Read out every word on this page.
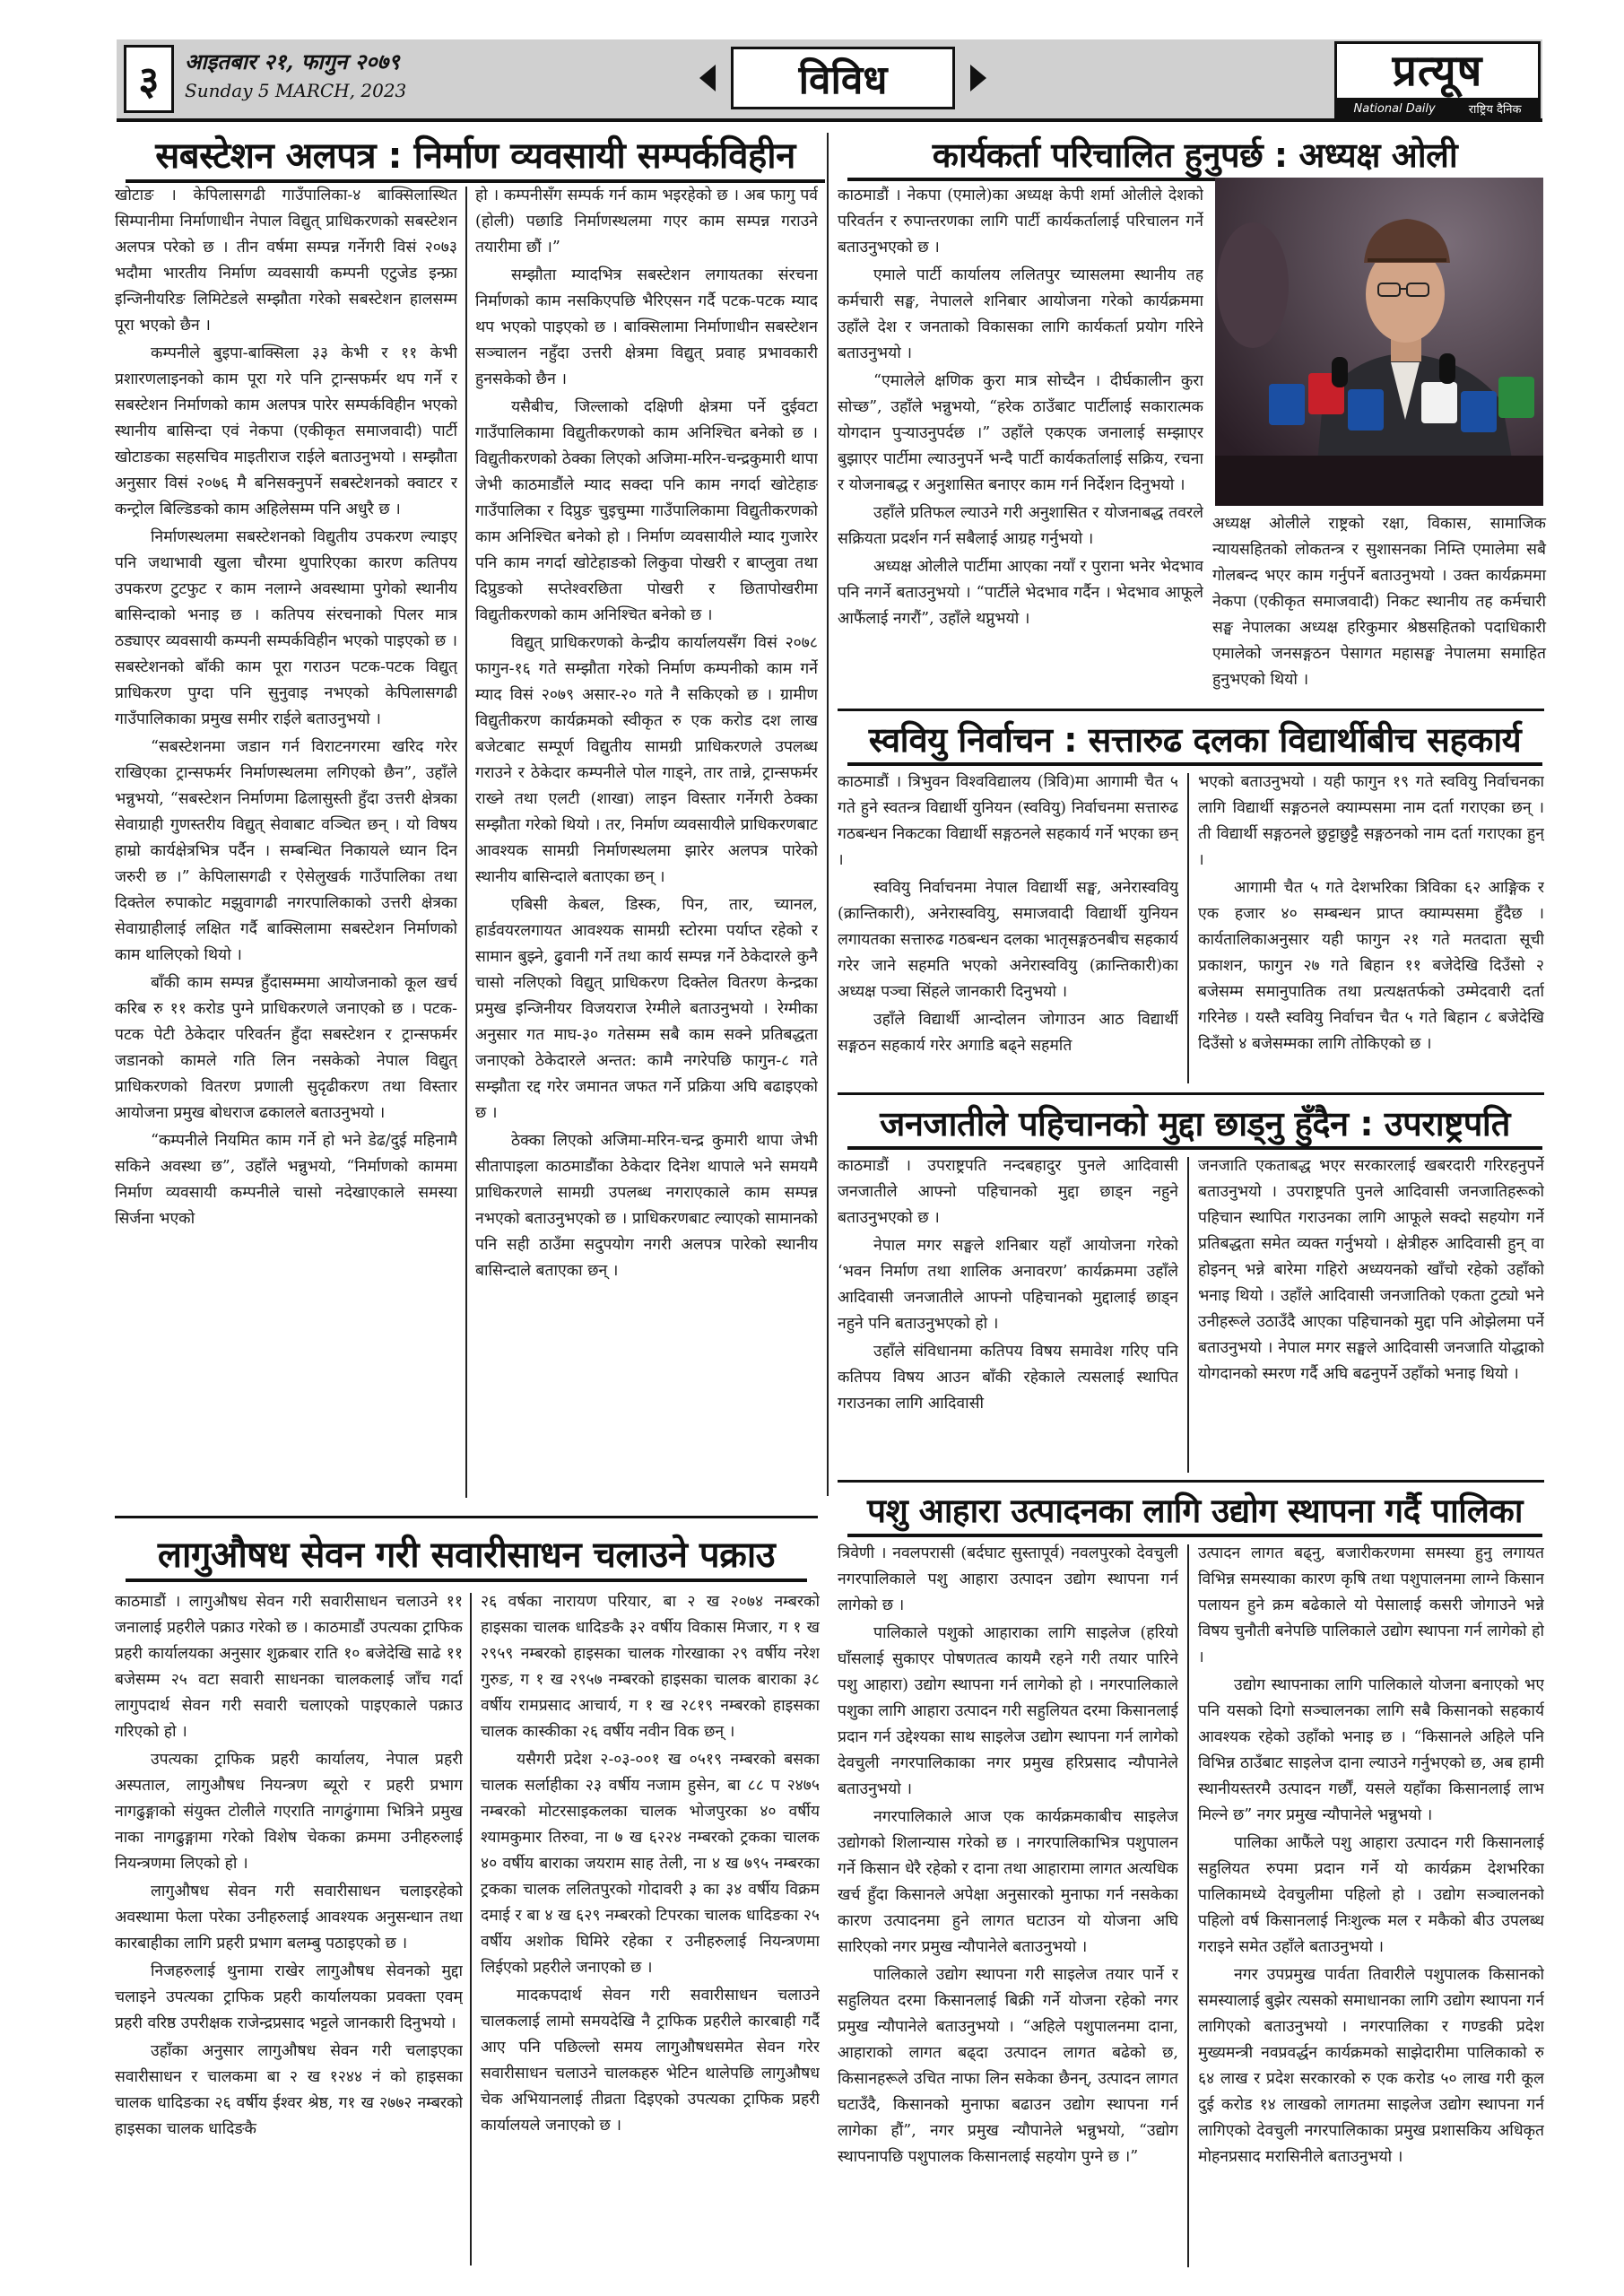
३	आइतबार २१, फागुन २०७९
Sunday 5 MARCH, 2023	विविध	प्रत्यूष
National Daily	राष्ट्रिय दैनिक
सबस्टेशन अलपत्र : निर्माण व्यवसायी सम्पर्कविहीन

खोटाङ । केपिलासगढी गाउँपालिका-४ बाक्सिलास्थित सिम्पानीमा निर्माणाधीन नेपाल विद्युत् प्राधिकरणको सबस्टेशन अलपत्र परेको छ । तीन वर्षमा सम्पन्न गर्नेगरी विसं २०७३ भदौमा भारतीय निर्माण व्यवसायी कम्पनी एटुजेड इन्फ्रा इन्जिनीयरिङ लिमिटेडले सम्झौता गरेको सबस्टेशन हालसम्म पूरा भएको छैन ।

कम्पनीले बुइपा-बाक्सिला ३३ केभी र ११ केभी प्रशारणलाइनको काम पूरा गरे पनि ट्रान्सफर्मर थप गर्ने र सबस्टेशन निर्माणको काम अलपत्र पारेर सम्पर्कविहीन भएको स्थानीय बासिन्दा एवं नेकपा (एकीकृत समाजवादी) पार्टी खोटाङका सहसचिव माइतीराज राईले बताउनुभयो । सम्झौता अनुसार विसं २०७६ मै बनिसक्नुपर्ने सबस्टेशनको क्वाटर र कन्ट्रोल बिल्डिङको काम अहिलेसम्म पनि अधुरै छ ।

निर्माणस्थलमा सबस्टेशनको विद्युतीय उपकरण ल्याइए पनि जथाभावी खुला चौरमा थुपारिएका कारण कतिपय उपकरण टुटफुट र काम नलाग्ने अवस्थामा पुगेको स्थानीय बासिन्दाको भनाइ छ । कतिपय संरचनाको पिलर मात्र ठड्याएर व्यवसायी कम्पनी सम्पर्कविहीन भएको पाइएको छ । सबस्टेशनको बाँकी काम पूरा गराउन पटक-पटक विद्युत् प्राधिकरण पुग्दा पनि सुनुवाइ नभएको केपिलासगढी गाउँपालिकाका प्रमुख समीर राईले बताउनुभयो ।

“सबस्टेशनमा जडान गर्न विराटनगरमा खरिद गरेर राखिएका ट्रान्सफर्मर निर्माणस्थलमा लगिएको छैन”, उहाँले भन्नुभयो, “सबस्टेशन निर्माणमा ढिलासुस्ती हुँदा उत्तरी क्षेत्रका सेवाग्राही गुणस्तरीय विद्युत् सेवाबाट वञ्चित छन् । यो विषय हाम्रो कार्यक्षेत्रभित्र पर्दैन । सम्बन्धित निकायले ध्यान दिन जरुरी छ ।” केपिलासगढी र ऐसेलुखर्क गाउँपालिका तथा दिक्तेल रुपाकोट मझुवागढी नगरपालिकाको उत्तरी क्षेत्रका सेवाग्राहीलाई लक्षित गर्दै बाक्सिलामा सबस्टेशन निर्माणको काम थालिएको थियो ।

बाँकी काम सम्पन्न हुँदासम्ममा आयोजनाको कूल खर्च करिब रु ११ करोड पुग्ने प्राधिकरणले जनाएको छ । पटक-पटक पेटी ठेकेदार परिवर्तन हुँदा सबस्टेशन र ट्रान्सफर्मर जडानको कामले गति लिन नसकेको नेपाल विद्युत् प्राधिकरणको वितरण प्रणाली सुदृढीकरण तथा विस्तार आयोजना प्रमुख बोधराज ढकालले बताउनुभयो ।

“कम्पनीले नियमित काम गर्ने हो भने डेढ/दुई महिनामै सकिने अवस्था छ”, उहाँले भन्नुभयो, “निर्माणको काममा निर्माण व्यवसायी कम्पनीले चासो नदेखाएकाले समस्या सिर्जना भएको

हो । कम्पनीसँग सम्पर्क गर्न काम भइरहेको छ । अब फागु पर्व (होली) पछाडि निर्माणस्थलमा गएर काम सम्पन्न गराउने तयारीमा छौं ।”

सम्झौता म्यादभित्र सबस्टेशन लगायतका संरचना निर्माणको काम नसकिएपछि भैरिएसन गर्दै पटक-पटक म्याद थप भएको पाइएको छ । बाक्सिलामा निर्माणाधीन सबस्टेशन सञ्चालन नहुँदा उत्तरी क्षेत्रमा विद्युत् प्रवाह प्रभावकारी हुनसकेको छैन ।

यसैबीच, जिल्लाको दक्षिणी क्षेत्रमा पर्ने दुईवटा गाउँपालिकामा विद्युतीकरणको काम अनिश्चित बनेको छ । विद्युतीकरणको ठेक्का लिएको अजिमा-मरिन-चन्द्रकुमारी थापा जेभी काठमाडौंले म्याद सक्दा पनि काम नगर्दा खोटेहाङ गाउँपालिका र दिप्रुङ चुइचुम्मा गाउँपालिकामा विद्युतीकरणको काम अनिश्चित बनेको हो । निर्माण व्यवसायीले म्याद गुजारेर पनि काम नगर्दा खोटेहाङको लिकुवा पोखरी र बाप्लुवा तथा दिप्रुङको सप्तेश्वरछिता पोखरी र छितापोखरीमा विद्युतीकरणको काम अनिश्चित बनेको छ ।

विद्युत् प्राधिकरणको केन्द्रीय कार्यालयसँग विसं २०७८ फागुन-१६ गते सम्झौता गरेको निर्माण कम्पनीको काम गर्ने म्याद विसं २०७९ असार-२० गते नै सकिएको छ । ग्रामीण विद्युतीकरण कार्यक्रमको स्वीकृत रु एक करोड दश लाख बजेटबाट सम्पूर्ण विद्युतीय सामग्री प्राधिकरणले उपलब्ध गराउने र ठेकेदार कम्पनीले पोल गाड्ने, तार तान्ने, ट्रान्सफर्मर राख्ने तथा एलटी (शाखा) लाइन विस्तार गर्नेगरी ठेक्का सम्झौता गरेको थियो । तर, निर्माण व्यवसायीले प्राधिकरणबाट आवश्यक सामग्री निर्माणस्थलमा झारेर अलपत्र पारेको स्थानीय बासिन्दाले बताएका छन् ।

एबिसी केबल, डिस्क, पिन, तार, च्यानल, हार्डवयरलगायत आवश्यक सामग्री स्टोरमा पर्याप्त रहेको र सामान बुझ्ने, ढुवानी गर्ने तथा कार्य सम्पन्न गर्ने ठेकेदारले कुनै चासो नलिएको विद्युत् प्राधिकरण दिक्तेल वितरण केन्द्रका प्रमुख इन्जिनीयर विजयराज रेग्मीले बताउनुभयो । रेग्मीका अनुसार गत माघ-३० गतेसम्म सबै काम सक्ने प्रतिबद्धता जनाएको ठेकेदारले अन्तत: कामै नगरेपछि फागुन-८ गते सम्झौता रद्द गरेर जमानत जफत गर्ने प्रक्रिया अघि बढाइएको छ ।

ठेक्का लिएको अजिमा-मरिन-चन्द्र कुमारी थापा जेभी सीतापाइला काठमाडौंका ठेकेदार दिनेश थापाले भने समयमै प्राधिकरणले सामग्री उपलब्ध नगराएकाले काम सम्पन्न नभएको बताउनुभएको छ । प्राधिकरणबाट ल्याएको सामानको पनि सही ठाउँमा सदुपयोग नगरी अलपत्र पारेको स्थानीय बासिन्दाले बताएका छन् ।

लागुऔषध सेवन गरी सवारीसाधन चलाउने पक्राउ

काठमाडौं । लागुऔषध सेवन गरी सवारीसाधन चलाउने ११ जनालाई प्रहरीले पक्राउ गरेको छ । काठमाडौं उपत्यका ट्राफिक प्रहरी कार्यालयका अनुसार शुक्रबार राति १० बजेदेखि साढे ११ बजेसम्म २५ वटा सवारी साधनका चालकलाई जाँच गर्दा लागुपदार्थ सेवन गरी सवारी चलाएको पाइएकाले पक्राउ गरिएको हो ।

उपत्यका ट्राफिक प्रहरी कार्यालय, नेपाल प्रहरी अस्पताल, लागुऔषध नियन्त्रण ब्यूरो र प्रहरी प्रभाग नागढुङ्गाको संयुक्त टोलीले गएराति नागढुंगामा भित्रिने प्रमुख नाका नागढुङ्गामा गरेको विशेष चेकका क्रममा उनीहरुलाई नियन्त्रणमा लिएको हो ।

लागुऔषध सेवन गरी सवारीसाधन चलाइरहेको अवस्थामा फेला परेका उनीहरुलाई आवश्यक अनुसन्धान तथा कारबाहीका लागि प्रहरी प्रभाग बलम्बु पठाइएको छ ।

निजहरुलाई थुनामा राखेर लागुऔषध सेवनको मुद्दा चलाइने उपत्यका ट्राफिक प्रहरी कार्यालयका प्रवक्ता एवम् प्रहरी वरिष्ठ उपरीक्षक राजेन्द्रप्रसाद भट्टले जानकारी दिनुभयो ।

उहाँका अनुसार लागुऔषध सेवन गरी चलाइएका सवारीसाधन र चालकमा बा २ ख १२४४ नं को हाइसका चालक धादिङका २६ वर्षीय ईश्वर श्रेष्ठ, ग१ ख २७७२ नम्बरको हाइसका चालक धादिङकै

२६ वर्षका नारायण परियार, बा २ ख २०७४ नम्बरको हाइसका चालक धादिङकै ३२ वर्षीय विकास मिजार, ग १ ख २९५९ नम्बरको हाइसका चालक गोरखाका २९ वर्षीय नरेश गुरुङ, ग १ ख २९५७ नम्बरको हाइसका चालक बाराका ३८ वर्षीय रामप्रसाद आचार्य, ग १ ख २८१९ नम्बरको हाइसका चालक कास्कीका २६ वर्षीय नवीन विक छन् ।

यसैगरी प्रदेश २-०३-००१ ख ०५१९ नम्बरको बसका चालक सर्लाहीका २३ वर्षीय नजाम हुसेन, बा ८८ प २४७५ नम्बरको मोटरसाइकलका चालक भोजपुरका ४० वर्षीय श्यामकुमार तिरुवा, ना ७ ख ६२२४ नम्बरको ट्रकका चालक ४० वर्षीय बाराका जयराम साह तेली, ना ४ ख ७९५ नम्बरका ट्रकका चालक ललितपुरको गोदावरी ३ का ३४ वर्षीय विक्रम दमाई र बा ४ ख ६२९ नम्बरको टिपरका चालक धादिङका २५ वर्षीय अशोक घिमिरे रहेका र उनीहरुलाई नियन्त्रणमा लिईएको प्रहरीले जनाएको छ ।

मादकपदार्थ सेवन गरी सवारीसाधन चलाउने चालकलाई लामो समयदेखि नै ट्राफिक प्रहरीले कारबाही गर्दै आए पनि पछिल्लो समय लागुऔषधसमेत सेवन गरेर सवारीसाधन चलाउने चालकहरु भेटिन थालेपछि लागुऔषध चेक अभियानलाई तीव्रता दिइएको उपत्यका ट्राफिक प्रहरी कार्यालयले जनाएको छ ।

कार्यकर्ता परिचालित हुनुपर्छ : अध्यक्ष ओली

काठमाडौं । नेकपा (एमाले)का अध्यक्ष केपी शर्मा ओलीले देशको परिवर्तन र रुपान्तरणका लागि पार्टी कार्यकर्तालाई परिचालन गर्ने बताउनुभएको छ ।

एमाले पार्टी कार्यालय ललितपुर च्यासलमा स्थानीय तह कर्मचारी सङ्घ, नेपालले शनिबार आयोजना गरेको कार्यक्रममा उहाँले देश र जनताको विकासका लागि कार्यकर्ता प्रयोग गरिने बताउनुभयो ।

“एमालेले क्षणिक कुरा मात्र सोच्दैन । दीर्घकालीन कुरा सोच्छ”, उहाँले भन्नुभयो, “हरेक ठाउँबाट पार्टीलाई सकारात्मक योगदान पुऱ्याउनुपर्दछ ।” उहाँले एकएक जनालाई सम्झाएर बुझाएर पार्टीमा ल्याउनुपर्ने भन्दै पार्टी कार्यकर्तालाई सक्रिय, रचना र योजनाबद्ध र अनुशासित बनाएर काम गर्न निर्देशन दिनुभयो ।

उहाँले प्रतिफल ल्याउने गरी अनुशासित र योजनाबद्ध तवरले सक्रियता प्रदर्शन गर्न सबैलाई आग्रह गर्नुभयो ।

अध्यक्ष ओलीले पार्टीमा आएका नयाँ र पुराना भनेर भेदभाव पनि नगर्ने बताउनुभयो । “पार्टीले भेदभाव गर्दैन । भेदभाव आफूले आफैंलाई नगरौं”, उहाँले थप्नुभयो ।

अध्यक्ष ओलीले राष्ट्रको रक्षा, विकास, सामाजिक न्यायसहितको लोकतन्त्र र सुशासनका निम्ति एमालेमा सबै गोलबन्द भएर काम गर्नुपर्ने बताउनुभयो । उक्त कार्यक्रममा नेकपा (एकीकृत समाजवादी) निकट स्थानीय तह कर्मचारी सङ्घ नेपालका अध्यक्ष हरिकुमार श्रेष्ठसहितको पदाधिकारी एमालेको जनसङ्गठन पेसागत महासङ्घ नेपालमा समाहित हुनुभएको थियो ।
स्ववियु निर्वाचन : सत्तारुढ दलका विद्यार्थीबीच सहकार्य

काठमाडौं । त्रिभुवन विश्वविद्यालय (त्रिवि)मा आगामी चैत ५ गते हुने स्वतन्त्र विद्यार्थी युनियन (स्ववियु) निर्वाचनमा सत्तारुढ गठबन्धन निकटका विद्यार्थी सङ्गठनले सहकार्य गर्ने भएका छन् ।

स्ववियु निर्वाचनमा नेपाल विद्यार्थी सङ्घ, अनेरास्ववियु (क्रान्तिकारी), अनेरास्ववियु, समाजवादी विद्यार्थी युनियन लगायतका सत्तारुढ गठबन्धन दलका भातृसङ्गठनबीच सहकार्य गरेर जाने सहमति भएको अनेरास्ववियु (क्रान्तिकारी)का अध्यक्ष पञ्चा सिंहले जानकारी दिनुभयो ।

उहाँले विद्यार्थी आन्दोलन जोगाउन आठ विद्यार्थी सङ्गठन सहकार्य गरेर अगाडि बढ्ने सहमति

भएको बताउनुभयो । यही फागुन १९ गते स्ववियु निर्वाचनका लागि विद्यार्थी सङ्गठनले क्याम्पसमा नाम दर्ता गराएका छन् । ती विद्यार्थी सङ्गठनले छुट्टाछुट्टै सङ्गठनको नाम दर्ता गराएका हुन् ।

आगामी चैत ५ गते देशभरिका त्रिविका ६२ आङ्गिक र एक हजार ४० सम्बन्धन प्राप्त क्याम्पसमा हुँदैछ । कार्यतालिकाअनुसार यही फागुन २१ गते मतदाता सूची प्रकाशन, फागुन २७ गते बिहान ११ बजेदेखि दिउँसो २ बजेसम्म समानुपातिक तथा प्रत्यक्षतर्फको उम्मेदवारी दर्ता गरिनेछ । यस्तै स्ववियु निर्वाचन चैत ५ गते बिहान ८ बजेदेखि दिउँसो ४ बजेसम्मका लागि तोकिएको छ ।

जनजातीले पहिचानको मुद्दा छाड्नु हुँदैन : उपराष्ट्रपति

काठमाडौं । उपराष्ट्रपति नन्दबहादुर पुनले आदिवासी जनजातीले आफ्नो पहिचानको मुद्दा छाड्न नहुने बताउनुभएको छ ।

नेपाल मगर सङ्घले शनिबार यहाँ आयोजना गरेको ‘भवन निर्माण तथा शालिक अनावरण’ कार्यक्रममा उहाँले आदिवासी जनजातीले आफ्नो पहिचानको मुद्दालाई छाड्न नहुने पनि बताउनुभएको हो ।

उहाँले संविधानमा कतिपय विषय समावेश गरिए पनि कतिपय विषय आउन बाँकी रहेकाले त्यसलाई स्थापित गराउनका लागि आदिवासी

जनजाति एकताबद्ध भएर सरकारलाई खबरदारी गरिरहनुपर्ने बताउनुभयो । उपराष्ट्रपति पुनले आदिवासी जनजातिहरूको पहिचान स्थापित गराउनका लागि आफूले सक्दो सहयोग गर्ने प्रतिबद्धता समेत व्यक्त गर्नुभयो । क्षेत्रीहरु आदिवासी हुन् वा होइनन् भन्ने बारेमा गहिरो अध्ययनको खाँचो रहेको उहाँको भनाइ थियो । उहाँले आदिवासी जनजातिको एकता टुट्यो भने उनीहरूले उठाउँदै आएका पहिचानको मुद्दा पनि ओझेलमा पर्ने बताउनुभयो । नेपाल मगर सङ्घले आदिवासी जनजाति योद्धाको योगदानको स्मरण गर्दै अघि बढनुपर्ने उहाँको भनाइ थियो ।

पशु आहारा उत्पादनका लागि उद्योग स्थापना गर्दै पालिका

त्रिवेणी । नवलपरासी (बर्दघाट सुस्तापूर्व) नवलपुरको देवचुली नगरपालिकाले पशु आहारा उत्पादन उद्योग स्थापना गर्न लागेको छ ।

पालिकाले पशुको आहाराका लागि साइलेज (हरियो घाँसलाई सुकाएर पोषणतत्व कायमै रहने गरी तयार पारिने पशु आहारा) उद्योग स्थापना गर्न लागेको हो । नगरपालिकाले पशुका लागि आहारा उत्पादन गरी सहुलियत दरमा किसानलाई प्रदान गर्न उद्देश्यका साथ साइलेज उद्योग स्थापना गर्न लागेको देवचुली नगरपालिकाका नगर प्रमुख हरिप्रसाद न्यौपानेले बताउनुभयो ।

नगरपालिकाले आज एक कार्यक्रमकाबीच साइलेज उद्योगको शिलान्यास गरेको छ । नगरपालिकाभित्र पशुपालन गर्ने किसान धेरै रहेको र दाना तथा आहारामा लागत अत्यधिक खर्च हुँदा किसानले अपेक्षा अनुसारको मुनाफा गर्न नसकेका कारण उत्पादनमा हुने लागत घटाउन यो योजना अघि सारिएको नगर प्रमुख न्यौपानेले बताउनुभयो ।

पालिकाले उद्योग स्थापना गरी साइलेज तयार पार्ने र सहुलियत दरमा किसानलाई बिक्री गर्ने योजना रहेको नगर प्रमुख न्यौपानेले बताउनुभयो । “अहिले पशुपालनमा दाना, आहाराको लागत बढ्दा उत्पादन लागत बढेको छ, किसानहरूले उचित नाफा लिन सकेका छैनन्, उत्पादन लागत घटाउँदै, किसानको मुनाफा बढाउन उद्योग स्थापना गर्न लागेका हौं”, नगर प्रमुख न्यौपानेले भन्नुभयो, “उद्योग स्थापनापछि पशुपालक किसानलाई सहयोग पुग्ने छ ।”

उत्पादन लागत बढ्नु, बजारीकरणमा समस्या हुनु लगायत विभिन्न समस्याका कारण कृषि तथा पशुपालनमा लाग्ने किसान पलायन हुने क्रम बढेकाले यो पेसालाई कसरी जोगाउने भन्ने विषय चुनौती बनेपछि पालिकाले उद्योग स्थापना गर्न लागेको हो ।

उद्योग स्थापनाका लागि पालिकाले योजना बनाएको भए पनि यसको दिगो सञ्चालनका लागि सबै किसानको सहकार्य आवश्यक रहेको उहाँको भनाइ छ । “किसानले अहिले पनि विभिन्न ठाउँबाट साइलेज दाना ल्याउने गर्नुभएको छ, अब हामी स्थानीयस्तरमै उत्पादन गर्छौं, यसले यहाँका किसानलाई लाभ मिल्ने छ” नगर प्रमुख न्यौपानेले भन्नुभयो ।

पालिका आफैंले पशु आहारा उत्पादन गरी किसानलाई सहुलियत रुपमा प्रदान गर्ने यो कार्यक्रम देशभरिका पालिकामध्ये देवचुलीमा पहिलो हो । उद्योग सञ्चालनको पहिलो वर्ष किसानलाई निःशुल्क मल र मकैको बीउ उपलब्ध गराइने समेत उहाँले बताउनुभयो ।

नगर उपप्रमुख पार्वता तिवारीले पशुपालक किसानको समस्यालाई बुझेर त्यसको समाधानका लागि उद्योग स्थापना गर्न लागिएको बताउनुभयो । नगरपालिका र गण्डकी प्रदेश मुख्यमन्त्री नवप्रवर्द्धन कार्यक्रमको साझेदारीमा पालिकाको रु ६४ लाख र प्रदेश सरकारको रु एक करोड ५० लाख गरी कूल दुई करोड १४ लाखको लागतमा साइलेज उद्योग स्थापना गर्न लागिएको देवचुली नगरपालिकाका प्रमुख प्रशासकिय अधिकृत मोहनप्रसाद मरासिनीले बताउनुभयो ।
